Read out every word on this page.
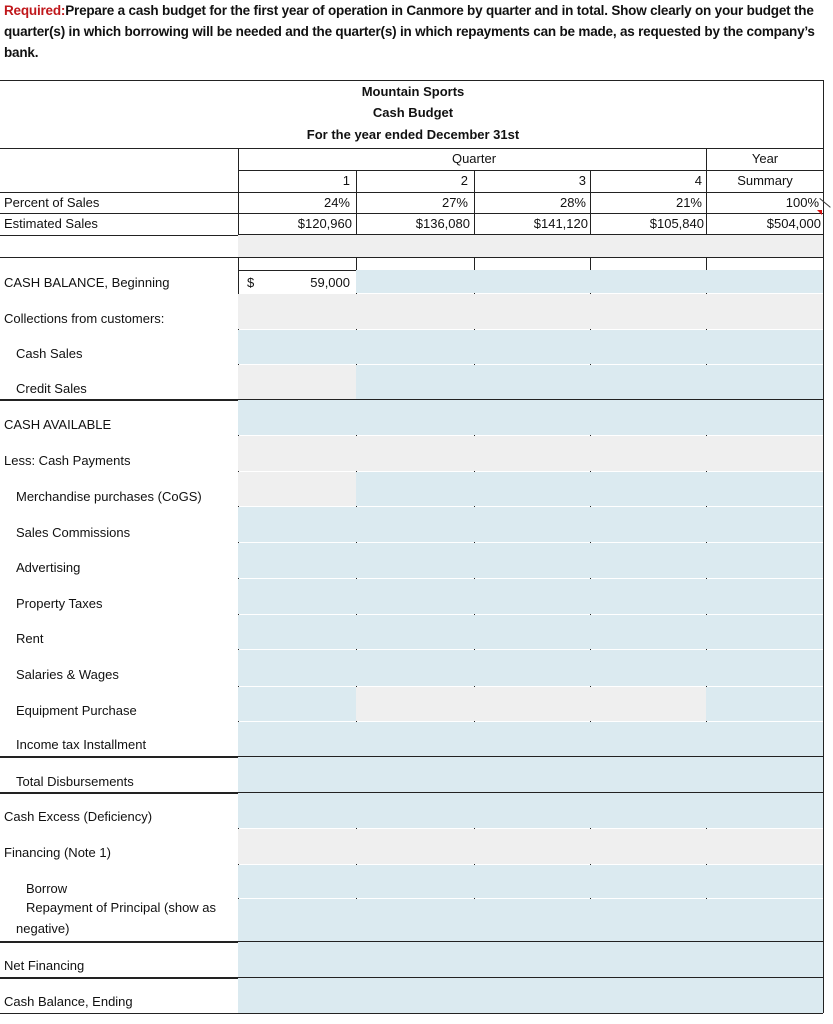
Required:Prepare a cash budget for the first year of operation in Canmore by quarter and in total. Show clearly on your budget the quarter(s) in which borrowing will be needed and the quarter(s) in which repayments can be made, as requested by the company’s bank.
Mountain Sports
Cash Budget
For the year ended December 31st
Quarter	Year
Summary
1	2	3	4
Percent of Sales	24%	27%	28%	21%	100%
Estimated Sales	$120,960	$136,080	$141,120	$105,840	$504,000
CASH BALANCE, Beginning	$	59,000
Collections from customers:
Cash Sales
Credit Sales
CASH AVAILABLE
Less: Cash Payments
Merchandise purchases (CoGS)
Sales Commissions
Advertising
Property Taxes
Rent
Salaries & Wages
Equipment Purchase
Income tax Installment
Total Disbursements
Cash Excess (Deficiency)
Financing (Note 1)
Borrow
Repayment of Principal (show as
negative)
Net Financing
Cash Balance, Ending
